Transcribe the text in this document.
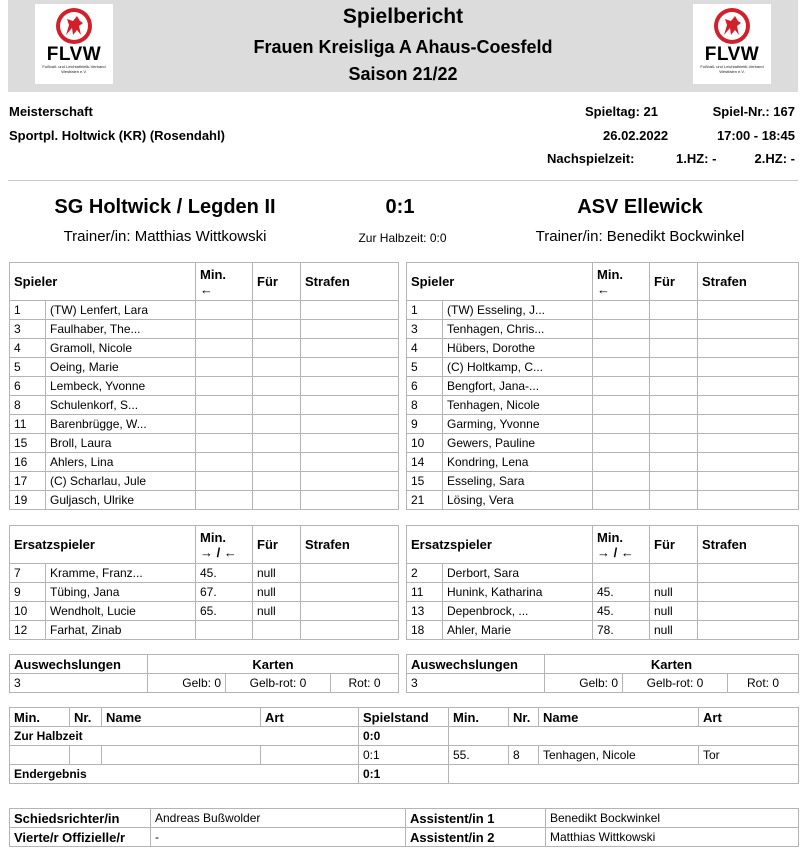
FLVW
Fußball- und Leichtathletik-Verband Westfalen e.V.
FLVW
Fußball- und Leichtathletik-Verband Westfalen e.V.
Spielbericht
Frauen Kreisliga A Ahaus-Coesfeld
Saison 21/22
Meisterschaft
Sportpl. Holtwick (KR) (Rosendahl)
Spieltag: 21	Spiel-Nr.: 167
26.02.2022	17:00 - 18:45
Nachspielzeit:	1.HZ: -	2.HZ: -
SG Holtwick / Legden II	0:1	ASV Ellewick
Trainer/in: Matthias Wittkowski	Zur Halbzeit: 0:0	Trainer/in: Benedikt Bockwinkel
Spieler		Min.
←	Für	Strafen
1	(TW) Lenfert, Lara			
3	Faulhaber, The...			
4	Gramoll, Nicole			
5	Oeing, Marie			
6	Lembeck, Yvonne			
8	Schulenkorf, S...			
11	Barenbrügge, W...			
15	Broll, Laura			
16	Ahlers, Lina			
17	(C) Scharlau, Jule			
19	Guljasch, Ulrike			
Spieler		Min.
←	Für	Strafen
1	(TW) Esseling, J...			
3	Tenhagen, Chris...			
4	Hübers, Dorothe			
5	(C) Holtkamp, C...			
6	Bengfort, Jana-...			
8	Tenhagen, Nicole			
9	Garming, Yvonne			
10	Gewers, Pauline			
14	Kondring, Lena			
15	Esseling, Sara			
21	Lösing, Vera			
Ersatzspieler		Min.
→ / ←	Für	Strafen
7	Kramme, Franz...	45.	null	
9	Tübing, Jana	67.	null	
10	Wendholt, Lucie	65.	null	
12	Farhat, Zinab			
Ersatzspieler		Min.
→ / ←	Für	Strafen
2	Derbort, Sara			
11	Hunink, Katharina	45.	null	
13	Depenbrock, ...	45.	null	
18	Ahler, Marie	78.	null	
Auswechslungen	Karten		
3	Gelb: 0	Gelb-rot: 0	Rot: 0
Auswechslungen	Karten		
3	Gelb: 0	Gelb-rot: 0	Rot: 0
Min.	Nr.	Name	Art	Spielstand	Min.	Nr.	Name	Art
Zur Halbzeit				0:0				
				0:1	55.	8	Tenhagen, Nicole	Tor
Endergebnis				0:1				
Schiedsrichter/in	Andreas Bußwolder	Assistent/in 1	Benedikt Bockwinkel
Vierte/r Offizielle/r	-	Assistent/in 2	Matthias Wittkowski
